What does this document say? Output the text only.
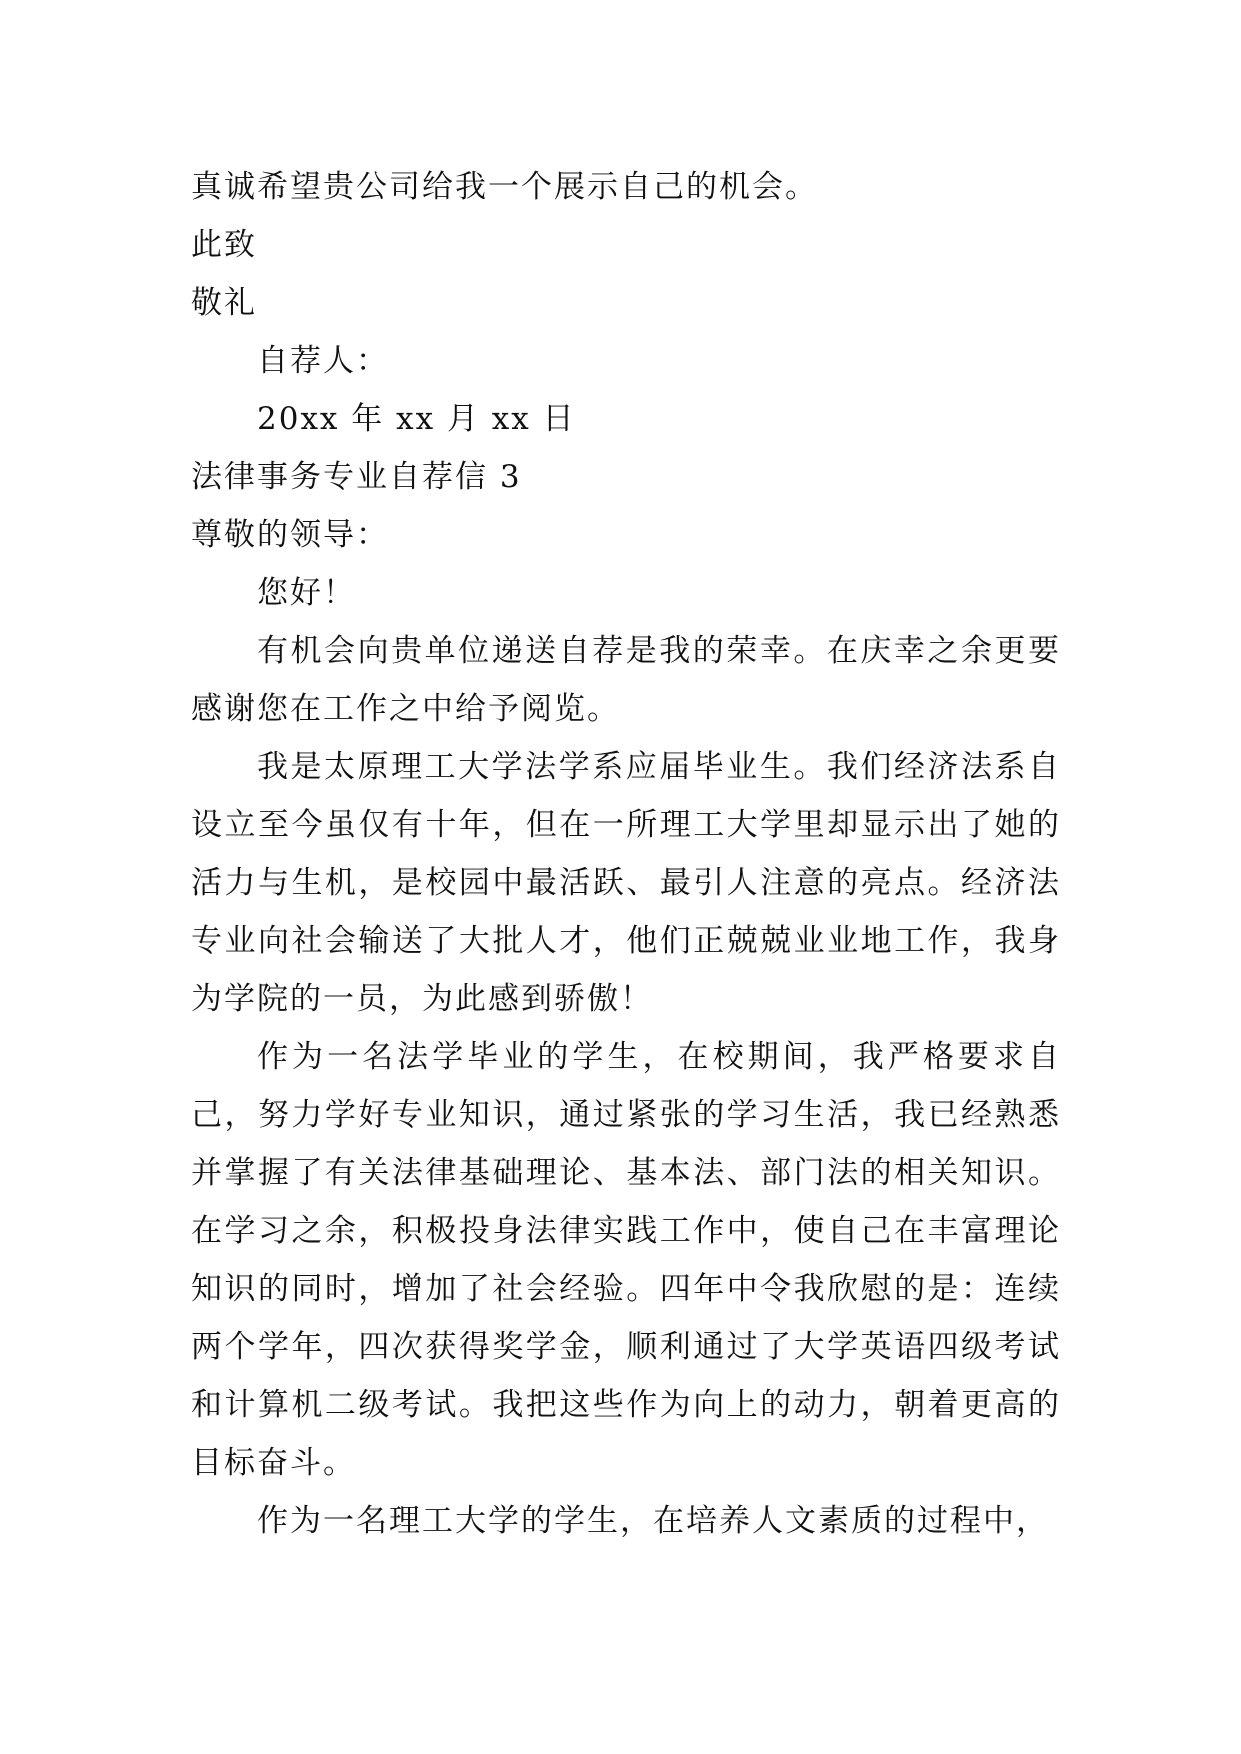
真诚希望贵公司给我一个展示自己的机会。
此致
敬礼
自荐人：
20xx 年 xx 月 xx 日
法律事务专业自荐信 3
尊敬的领导：
您好！

有机会向贵单位递送自荐是我的荣幸。在庆幸之余更要感谢您在工作之中给予阅览。

我是太原理工大学法学系应届毕业生。我们经济法系自设立至今虽仅有十年，但在一所理工大学里却显示出了她的活力与生机，是校园中最活跃、最引人注意的亮点。经济法专业向社会输送了大批人才，他们正兢兢业业地工作，我身为学院的一员，为此感到骄傲！

作为一名法学毕业的学生，在校期间，我严格要求自己，努力学好专业知识，通过紧张的学习生活，我已经熟悉并掌握了有关法律基础理论、基本法、部门法的相关知识。在学习之余，积极投身法律实践工作中，使自己在丰富理论知识的同时，增加了社会经验。四年中令我欣慰的是：连续两个学年，四次获得奖学金，顺利通过了大学英语四级考试和计算机二级考试。我把这些作为向上的动力，朝着更高的目标奋斗。

作为一名理工大学的学生，在培养人文素质的过程中，
